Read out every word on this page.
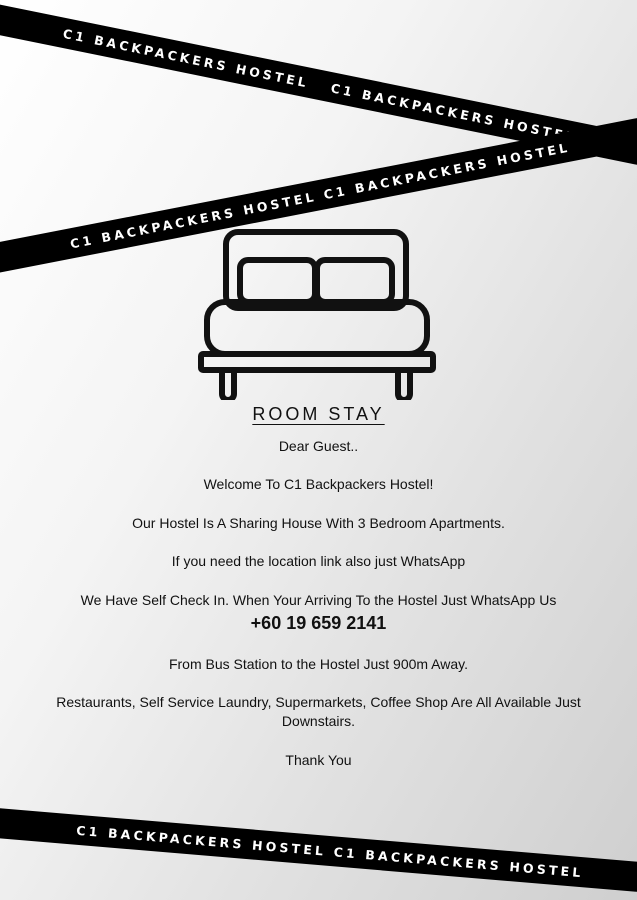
C1 BACKPACKERS HOSTEL   C1 BACKPACKERS HOSTEL
C1 BACKPACKERS HOSTEL C1 BACKPACKERS HOSTEL
C1 BACKPACKERS HOSTEL C1 BACKPACKERS HOSTEL
ROOM STAY
Dear Guest..
Welcome To C1 Backpackers Hostel!
Our Hostel Is A Sharing House With 3 Bedroom Apartments.
If you need the location link also just WhatsApp
We Have Self Check In. When Your Arriving To the Hostel Just WhatsApp Us
+60 19 659 2141
From Bus Station to the Hostel Just 900m Away.
Restaurants, Self Service Laundry, Supermarkets, Coffee Shop Are All Available Just
Downstairs.
Thank You
